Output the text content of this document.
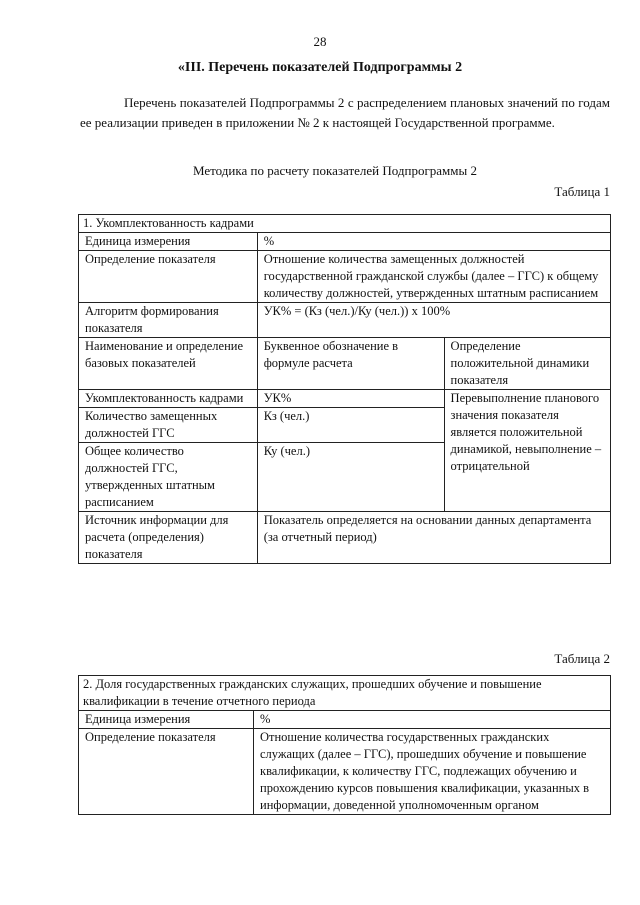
28
«III. Перечень показателей Подпрограммы 2
Перечень показателей Подпрограммы 2 с распределением плановых значений по годам ее реализации приведен в приложении № 2 к настоящей Государственной программе.
Методика по расчету показателей Подпрограммы 2
Таблица 1
1. Укомплектованность кадрами		
Единица измерения	%	
Определение показателя	Отношение количества замещенных должностей государственной гражданской службы (далее – ГГС) к общему количеству должностей, утвержденных штатным расписанием	
Алгоритм формирования показателя	УК% = (Кз (чел.)/Ку (чел.)) х 100%	
Наименование и определение базовых показателей	Буквенное обозначение в формуле расчета	Определение положительной динамики показателя
Укомплектованность кадрами	УК%	Перевыполнение планового значения показателя является положительной динамикой, невыполнение – отрицательной
Количество замещенных должностей ГГС	Кз (чел.)	
Общее количество должностей ГГС, утвержденных штатным расписанием	Ку (чел.)	
Источник информации для расчета (определения) показателя	Показатель определяется на основании данных департамента (за отчетный период)	
Таблица 2
2. Доля государственных гражданских служащих, прошедших обучение и повышение квалификации в течение отчетного периода	
Единица измерения	%
Определение показателя	Отношение количества государственных гражданских служащих (далее – ГГС), прошедших обучение и повышение квалификации, к количеству ГГС, подлежащих обучению и прохождению курсов повышения квалификации, указанных в информации, доведенной уполномоченным органом
